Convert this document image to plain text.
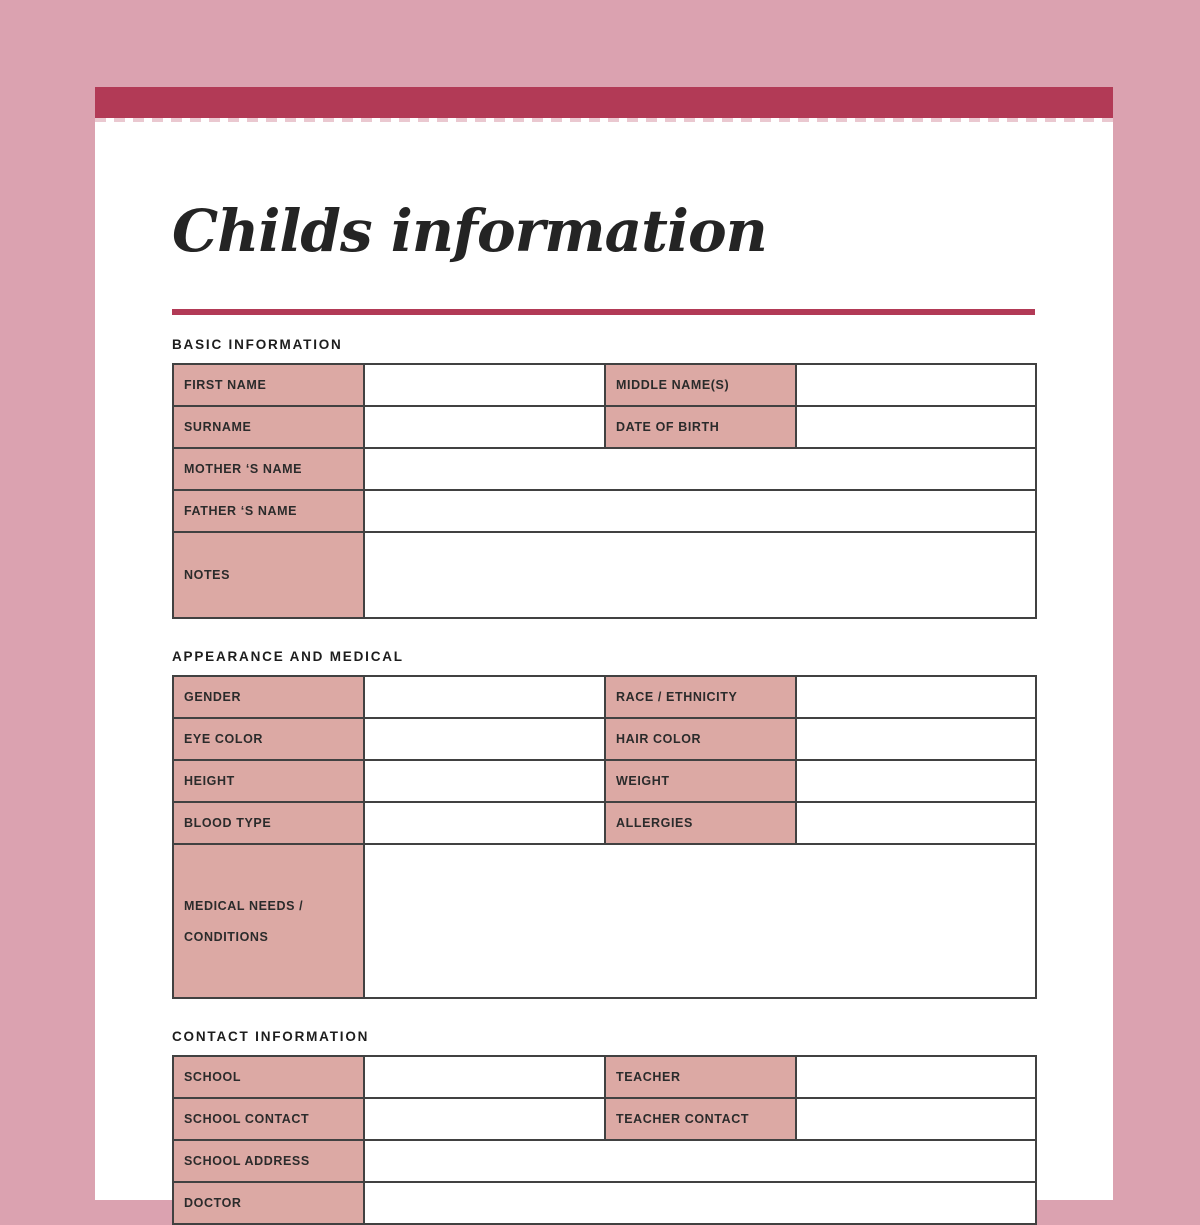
Childs information
BASIC INFORMATION
FIRST NAME		MIDDLE NAME(S)	
SURNAME		DATE OF BIRTH	
MOTHER ‘S NAME			
FATHER ‘S NAME			
NOTES			
APPEARANCE AND MEDICAL
GENDER		RACE / ETHNICITY	
EYE COLOR		HAIR COLOR	
HEIGHT		WEIGHT	
BLOOD TYPE		ALLERGIES	

MEDICAL NEEDS /
CONDITIONS			

CONTACT INFORMATION
SCHOOL		TEACHER	
SCHOOL CONTACT		TEACHER CONTACT	
SCHOOL ADDRESS			
DOCTOR			
